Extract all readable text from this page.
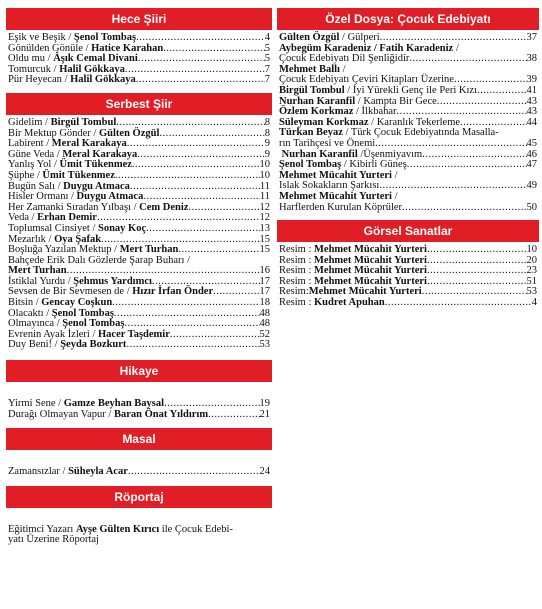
Hece Şiiri
Eşik ve Beşik / Şenol Tombaş .....	4
Gönülden Gönüle / Hatice Karahan .....	5
Oldu mu / Âşık Cemal Divani .....	5
Tomurcuk / Halil Gökkaya .....	7
Pür Heyecan / Halil Gökkaya .....	7
Serbest Şiir
Gidelim / Birgül Tombul .....	8
Bir Mektup Gönder / Gülten Özgül .....	8
Labirent / Meral Karakaya .....	9
Güne Veda / Meral Karakaya .....	9
Yanlış Yol / Ümit Tükenmez .....	10
Şüphe / Ümit Tükenmez .....	10
Bugün Salı / Duygu Atmaca .....	11
Hisler Ormanı / Duygu Atmaca .....	11
Her Zamanki Sıradan Yılbaşı / Cem Deniz .....	12
Veda / Erhan Demir .....	12
Toplumsal Cinsiyet / Sonay Koç .....	13
Mezarlık / Oya Şafak .....	15
Boşluğa Yazılan Mektup / Mert Turhan .....	15
Bahçede Erik Dalı Gözlerde Şarap Buharı /
Mert Turhan .....	16
İstiklal Yurdu / Şehmus Yardımcı .....	17
Sevsen de Bir Sevmesen de / Hızır İrfan Önder .....	17
Bitsin / Gencay Coşkun .....	18
Olacaktı / Şenol Tombaş .....	48
Olmayınca / Şenol Tombaş .....	48
Evrenin Ayak İzleri / Hacer Taşdemir .....	52
Duy Beni! / Şeyda Bozkurt .....	53
Hikaye
Yirmi Sene / Gamze Beyhan Baysal .....	19
Durağı Olmayan Vapur / Baran Önat Yıldırım .....	21
Masal
Zamansızlar / Süheyla Acar .....	24
Röportaj
Eğitimci Yazarı Ayşe Gülten Kırıcı ile Çocuk Edebi-
yatı Üzerine Röportaj
Özel Dosya: Çocuk Edebiyatı
Gülten Özgül / Gülperi .....	37
Aybegüm Karadeniz / Fatih Karadeniz /
Çocuk Edebiyatı Dil Şenliğidir .....	38
Mehmet Ballı /
Çocuk Edebiyatı Çeviri Kitapları Üzerine .....	39
Birgül Tombul / İyi Yürekli Genç ile Peri Kızı .....	41
Nurhan Karanfil / Kampta Bir Gece .....	43
Özlem Korkmaz / İlkbahar .....	43
Süleyman Korkmaz / Karanlık Tekerleme .....	44
Türkan Beyaz / Türk Çocuk Edebiyatında Masalla-
rın Tarihçesi ve Önemi .....	45
Nurhan Karanfil /Üşenmiyavım .....	46
Şenol Tombaş / Kibirli Güneş .....	47
Mehmet Mücahit Yurteri /
Islak Sokakların Şarkısı .....	49
Mehmet Mücahit Yurteri /
Harflerden Kurulan Köprüler .....	50
Görsel Sanatlar
Resim : Mehmet Mücahit Yurteri .....	10
Resim : Mehmet Mücahit Yurteri .....	20
Resim : Mehmet Mücahit Yurteri .....	23
Resim : Mehmet Mücahit Yurteri .....	51
Resim:Mehmet Mücahit Yurteri .....	53
Resim : Kudret Apuhan .....	4
